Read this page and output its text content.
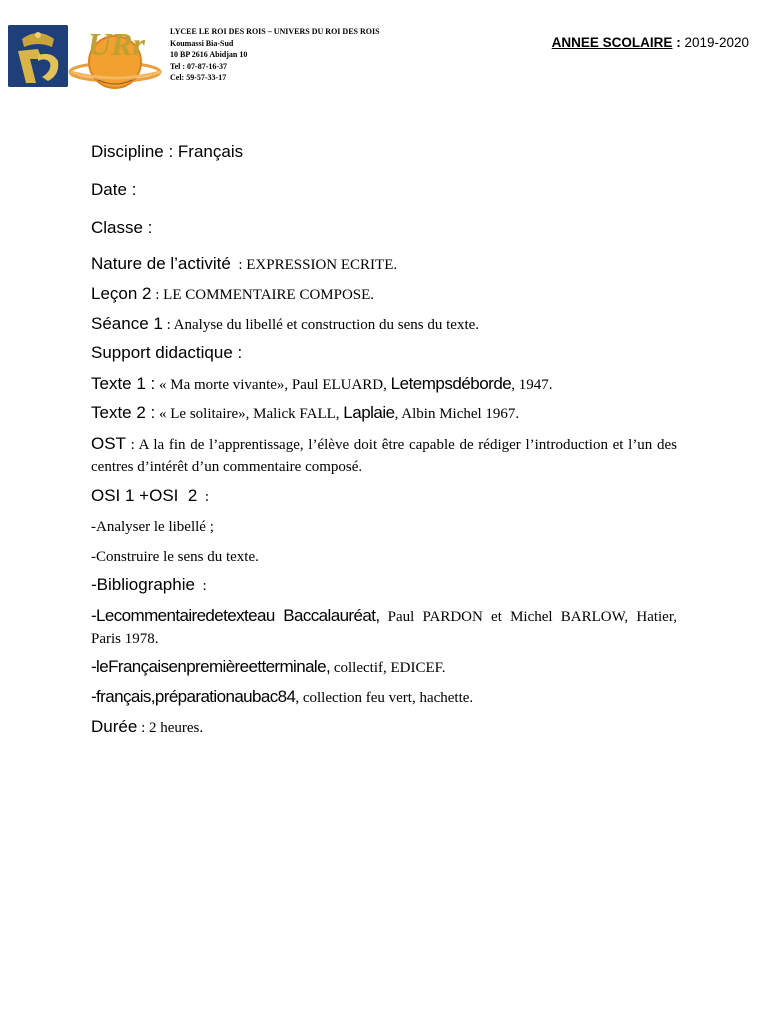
URr	LYCEE LE ROI DES ROIS – UNIVERS DU ROI DES ROIS
Koumassi Bia-Sud
10 BP 2616 Abidjan 10
Tel : 07-87-16-37
Cel: 59-57-33-17
ANNEE SCOLAIRE : 2019-2020
Discipline : Français
Date :
Classe :
Nature de l’activité  : EXPRESSION ECRITE.
Leçon 2 : LE COMMENTAIRE COMPOSE.
Séance 1 : Analyse du libellé et construction du sens du texte.
Support didactique :
Texte 1 : « Ma morte vivante», Paul ELUARD, Letempsdéborde, 1947.
Texte 2 : « Le solitaire», Malick FALL, Laplaie, Albin Michel 1967.
OST : A la fin de l’apprentissage, l’élève doit être capable de rédiger l’introduction et l’un des centres d’intérêt d’un commentaire composé.
OSI 1 +OSI  2  :
-Analyser le libellé ;
-Construire le sens du texte.
-Bibliographie  :
-Lecommentairedetexteau Baccalauréat, Paul PARDON et Michel BARLOW, Hatier, Paris 1978.
-leFrançaisenpremièreetterminale, collectif, EDICEF.
-français,préparationaubac84, collection feu vert, hachette.
Durée : 2 heures.
